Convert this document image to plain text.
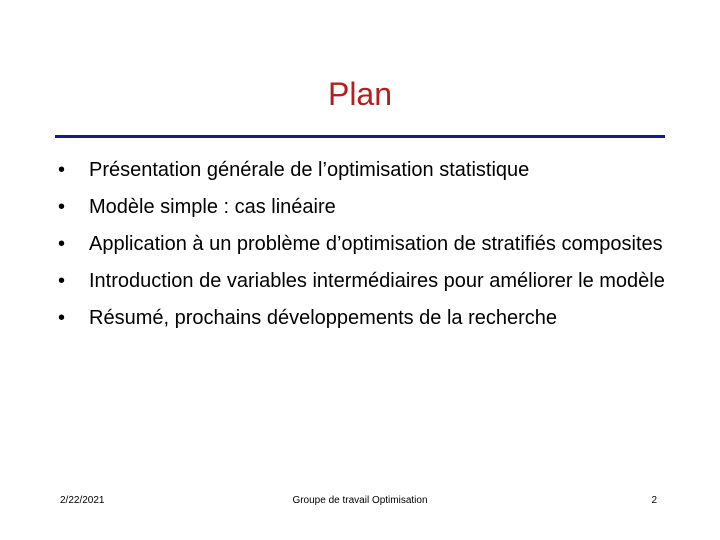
Plan
• Présentation générale de l’optimisation statistique
• Modèle simple : cas linéaire
• Application à un problème d’optimisation de stratifiés composites
• Introduction de variables intermédiaires pour améliorer le modèle
• Résumé, prochains développements de la recherche
2/22/2021	Groupe de travail Optimisation	2
